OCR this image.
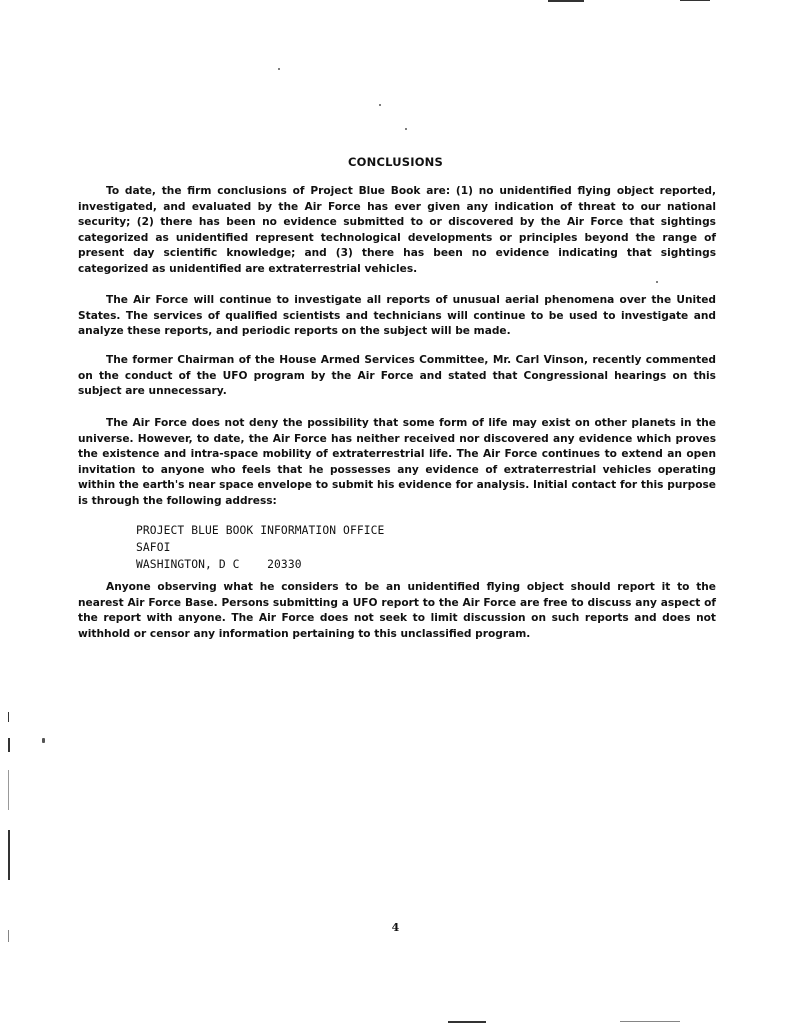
CONCLUSIONS
To date, the firm conclusions of Project Blue Book are: (1) no unidentified flying object reported, investigated, and evaluated by the Air Force has ever given any indication of threat to our national security; (2) there has been no evidence submitted to or discovered by the Air Force that sightings categorized as unidentified represent technological developments or principles beyond the range of present day scientific knowledge; and (3) there has been no evidence indicating that sightings categorized as unidentified are extraterrestrial vehicles.
The Air Force will continue to investigate all reports of unusual aerial phenomena over the United States. The services of qualified scientists and technicians will continue to be used to investigate and analyze these reports, and periodic reports on the subject will be made.
The former Chairman of the House Armed Services Committee, Mr. Carl Vinson, recently commented on the conduct of the UFO program by the Air Force and stated that Congressional hearings on this subject are unnecessary.
The Air Force does not deny the possibility that some form of life may exist on other planets in the universe. However, to date, the Air Force has neither received nor discovered any evidence which proves the existence and intra-space mobility of extraterrestrial life. The Air Force continues to extend an open invitation to anyone who feels that he possesses any evidence of extraterrestrial vehicles operating within the earth's near space envelope to submit his evidence for analysis. Initial contact for this purpose is through the following address:
PROJECT BLUE BOOK INFORMATION OFFICE
SAFOI
WASHINGTON, D C    20330
Anyone observing what he considers to be an unidentified flying object should report it to the nearest Air Force Base. Persons submitting a UFO report to the Air Force are free to discuss any aspect of the report with anyone. The Air Force does not seek to limit discussion on such reports and does not withhold or censor any information pertaining to this unclassified program.
4
